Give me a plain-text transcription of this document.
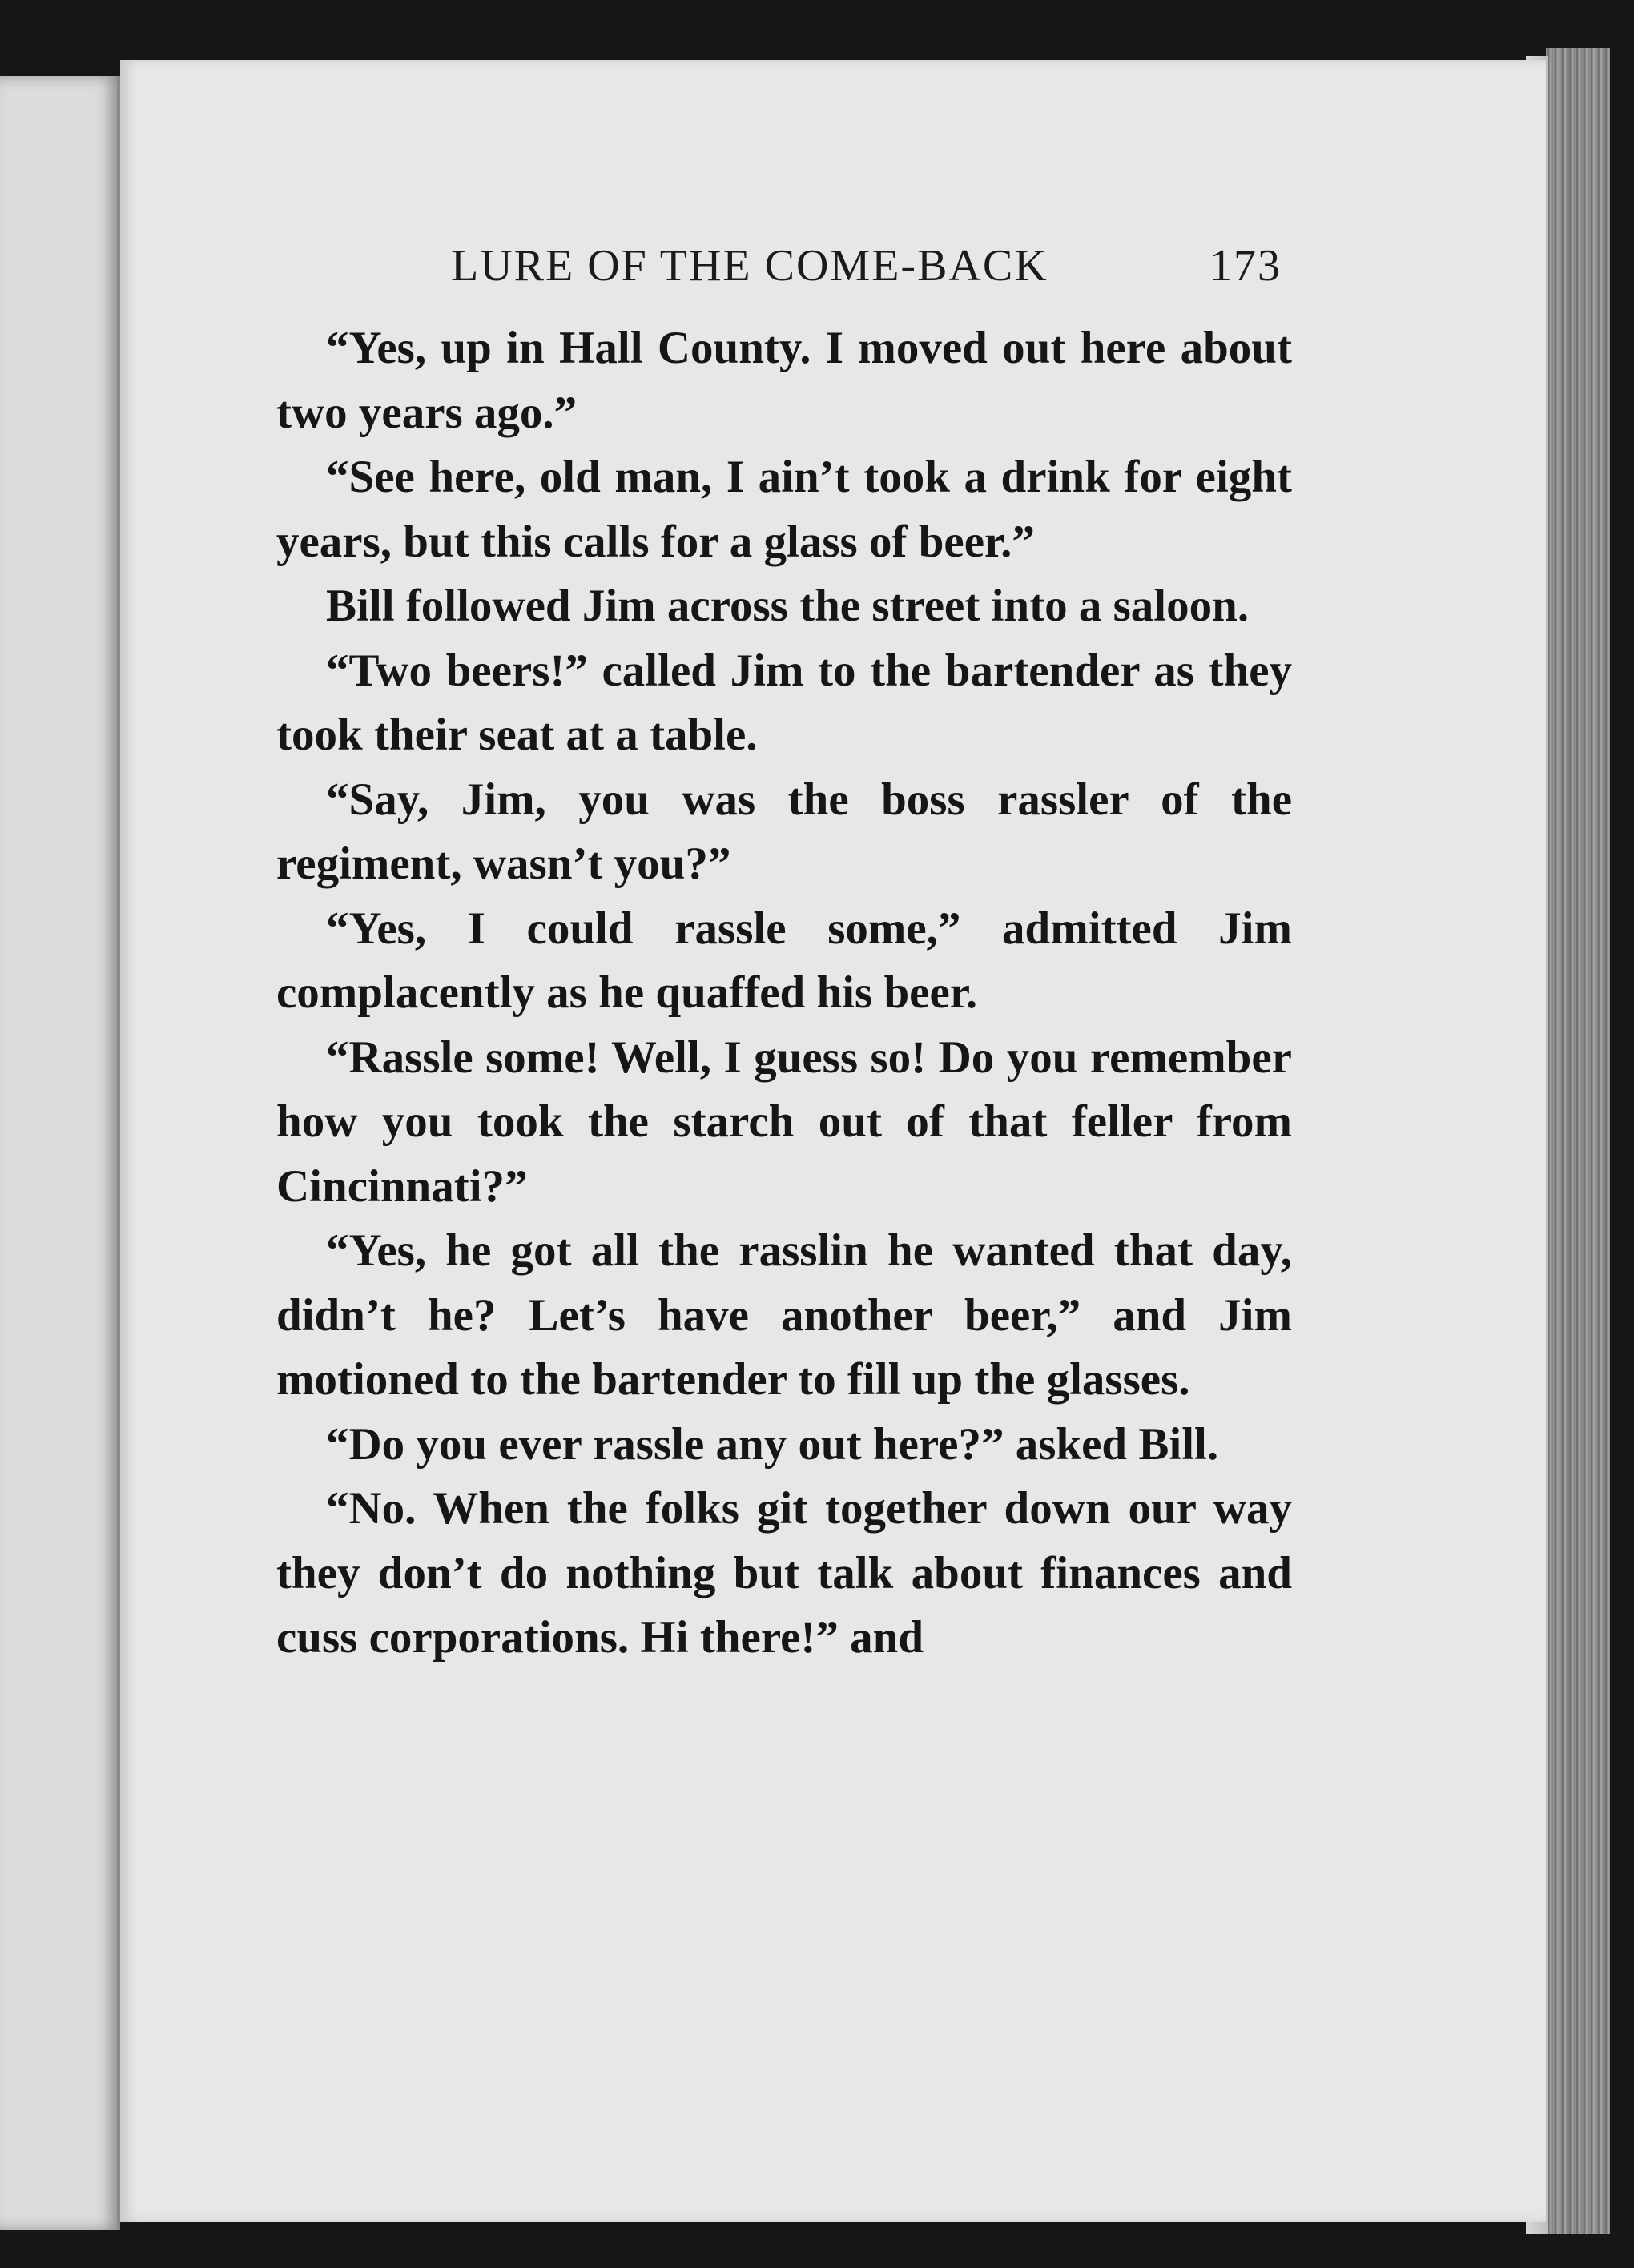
LURE OF THE COME-BACK	173

“Yes, up in Hall County. I moved out here about two years ago.”

“See here, old man, I ain’t took a drink for eight years, but this calls for a glass of beer.”

Bill followed Jim across the street into a saloon.

“Two beers!” called Jim to the bartender as they took their seat at a table.

“Say, Jim, you was the boss rassler of the regiment, wasn’t you?”

“Yes, I could rassle some,” admitted Jim complacently as he quaffed his beer.

“Rassle some! Well, I guess so! Do you remember how you took the starch out of that feller from Cincinnati?”

“Yes, he got all the rasslin he wanted that day, didn’t he? Let’s have another beer,” and Jim motioned to the bartender to fill up the glasses.

“Do you ever rassle any out here?” asked Bill.

“No. When the folks git together down our way they don’t do nothing but talk about finances and cuss corporations. Hi there!” and
